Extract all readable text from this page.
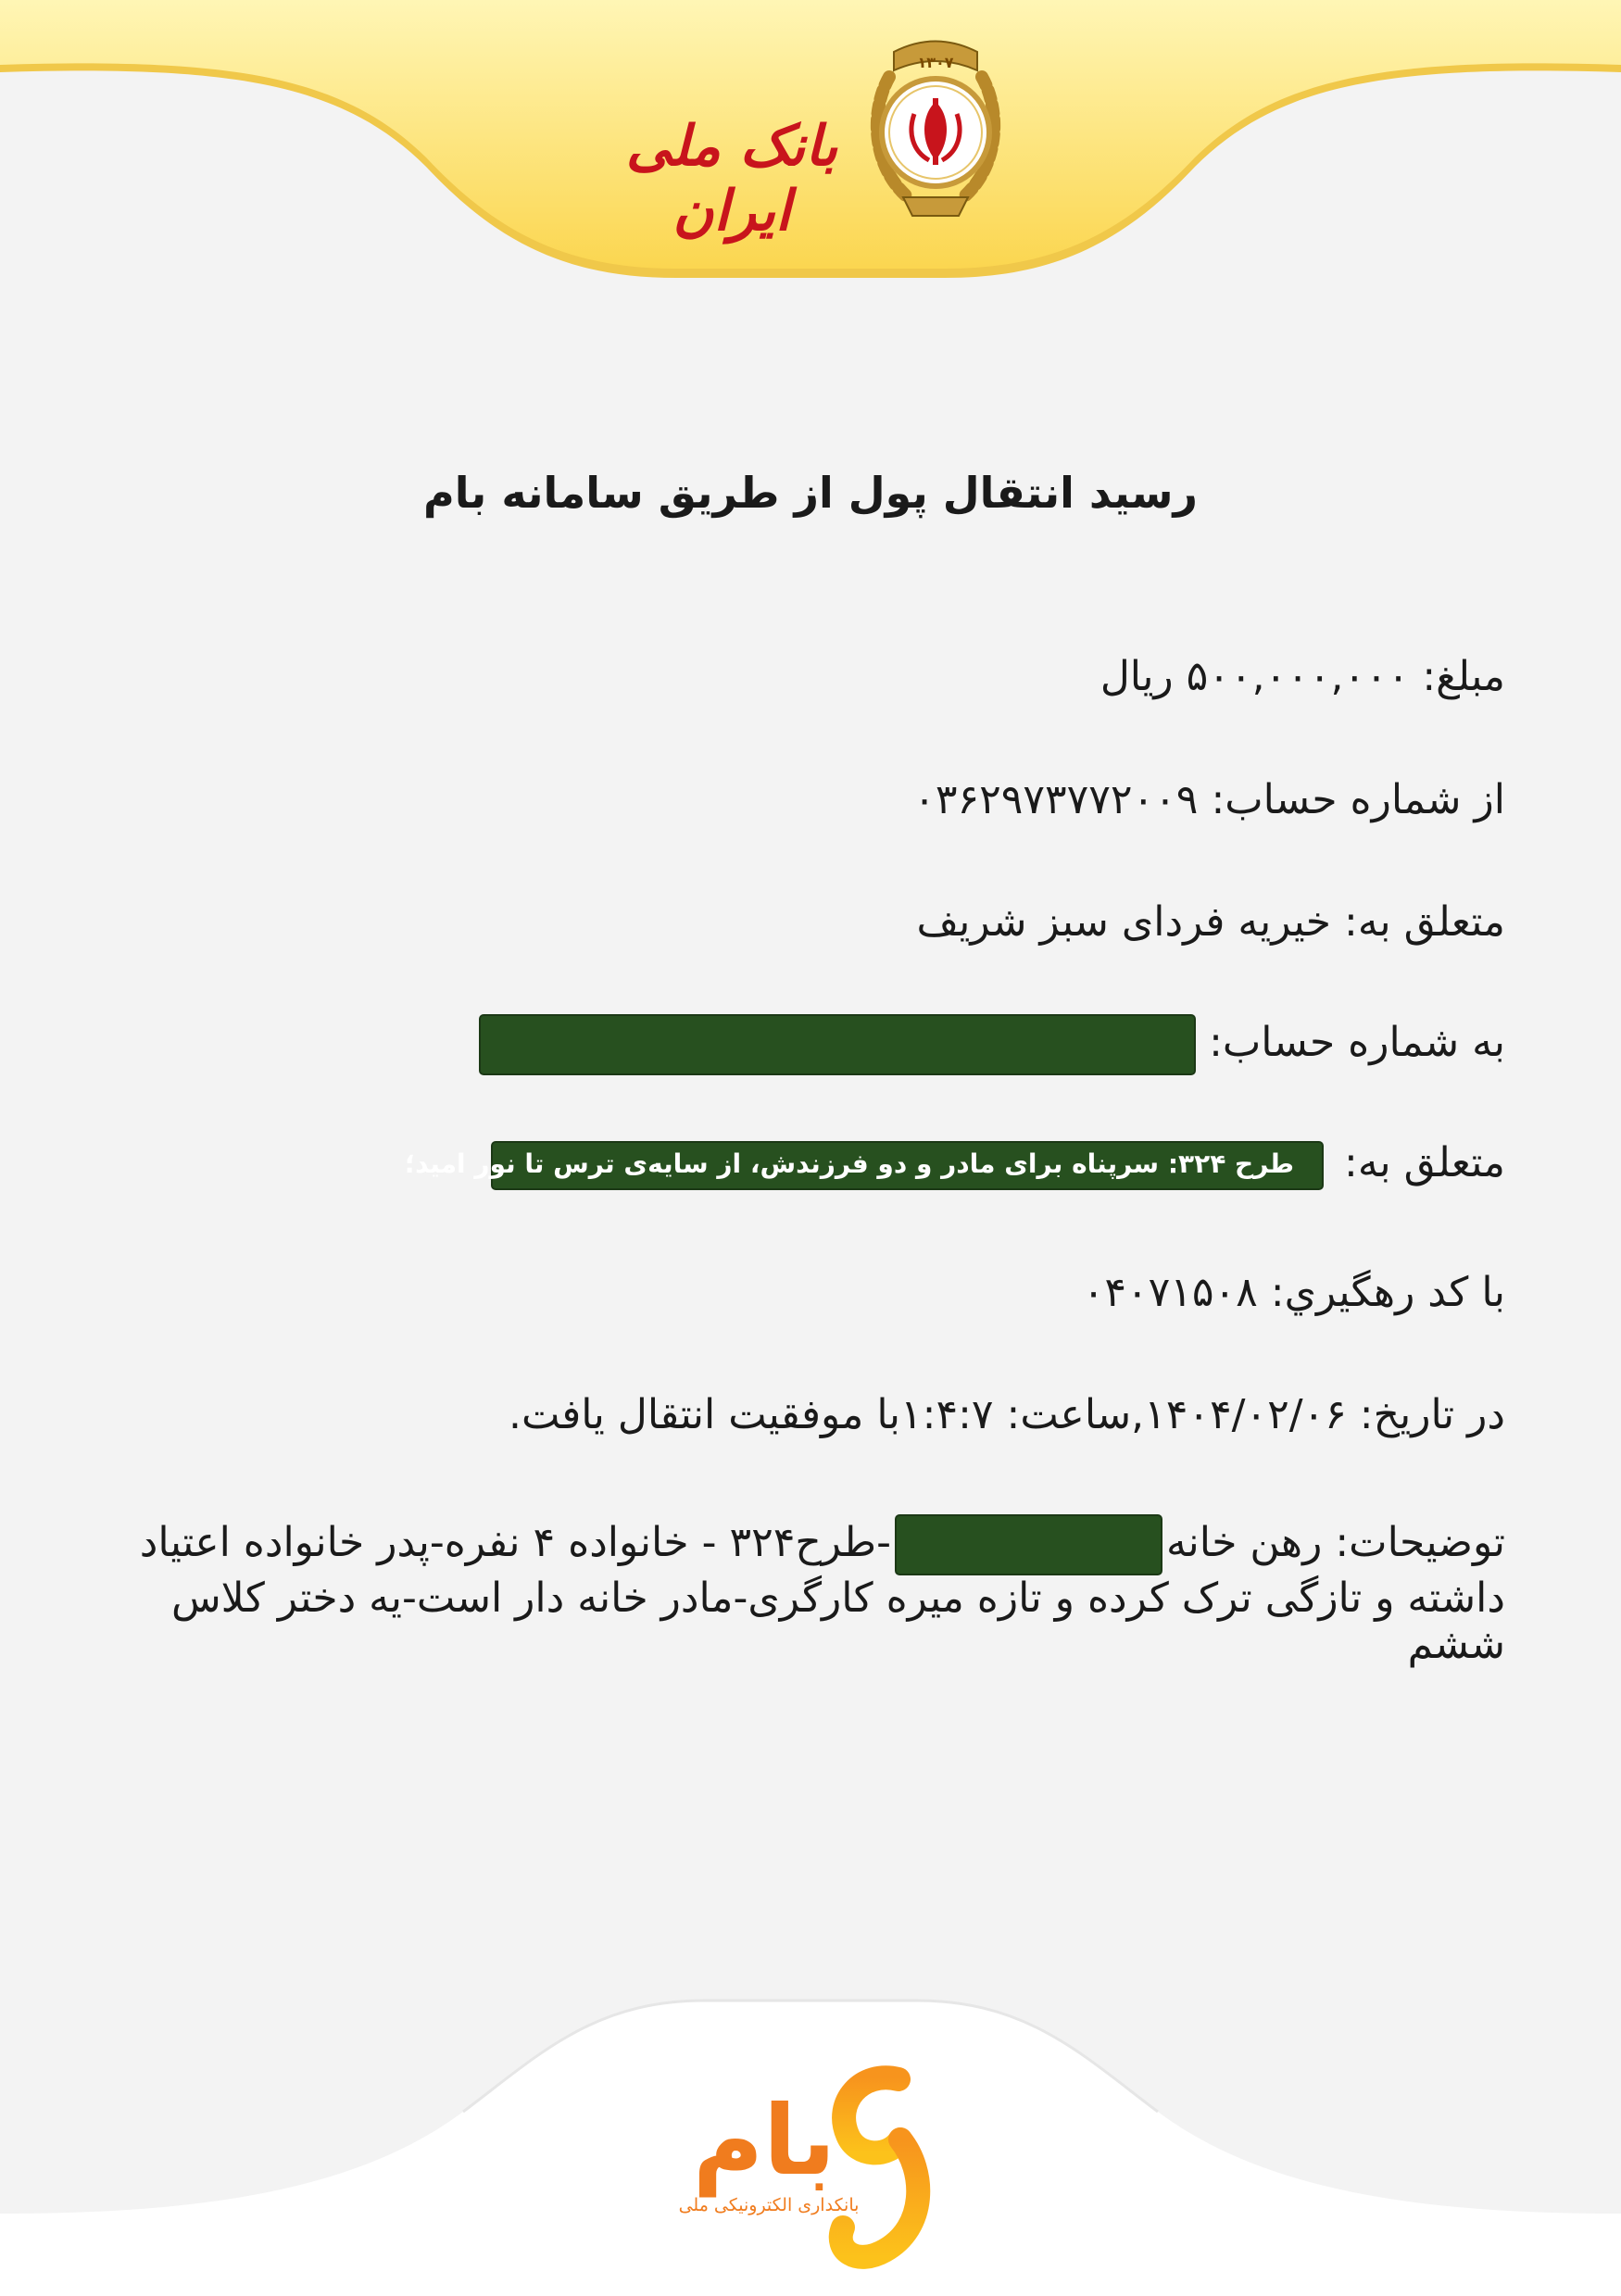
بانک ملی ایران
۱۳۰۷
رسید انتقال پول از طریق سامانه بام
مبلغ: ۵۰۰,۰۰۰,۰۰۰ ریال
از شماره حساب: ۰۳۶۲۹۷۳۷۷۲۰۰۹
متعلق به: خیریه فردای سبز شریف
به شماره حساب:
متعلق به: طرح ۳۲۴: سرپناه برای مادر و دو فرزندش، از سایه‌ی ترس تا نور امید؛
با کد رهگیري: ۰۴۰۷۱۵۰۸
در تاریخ: ۱۴۰۴/۰۲/۰۶,ساعت: ۱:۴:۷با موفقیت انتقال یافت.
توضیحات: رهن خانه-طرح۳۲۴ - خانواده ۴ نفره-پدر خانواده اعتیاد داشته و تازگی ترک کرده و تازه میره کارگری-مادر خانه دار است-یه دختر کلاس ششم
بام
بانکداری الکترونیکی ملی
